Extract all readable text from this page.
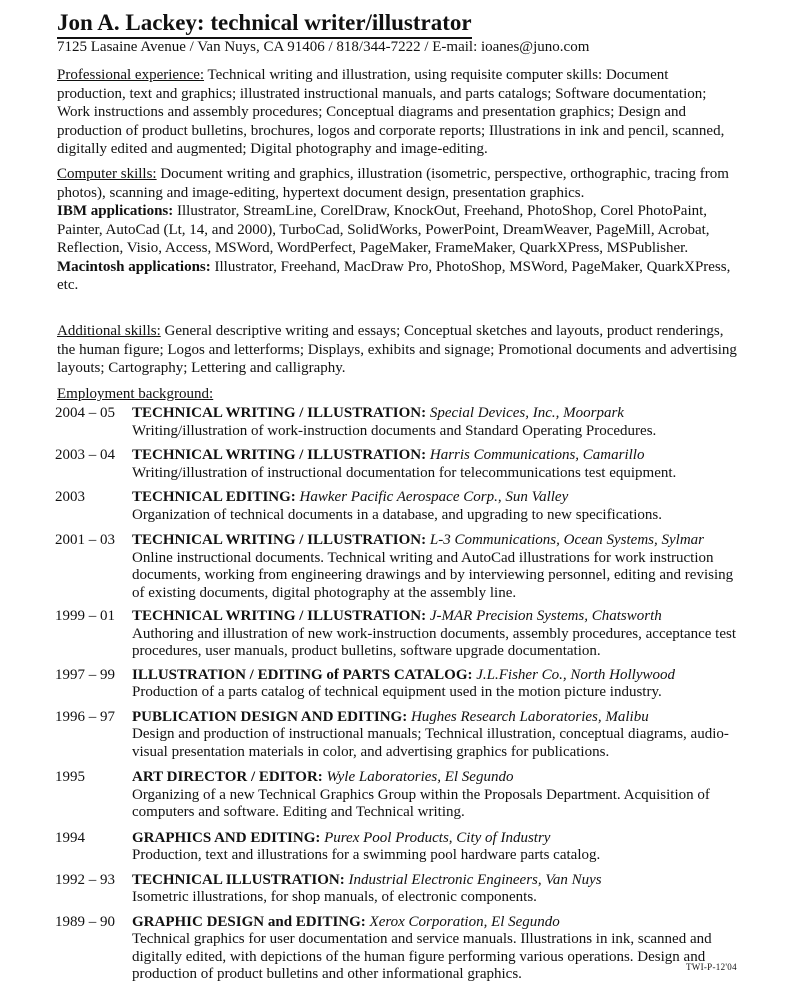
Jon A. Lackey: technical writer/illustrator
7125 Lasaine Avenue / Van Nuys, CA 91406 / 818/344-7222 / E-mail: ioanes@juno.com

Professional experience: Technical writing and illustration, using requisite computer skills: Document production, text and graphics; illustrated instructional manuals, and parts catalogs; Software documentation; Work instructions and assembly procedures; Conceptual diagrams and presentation graphics; Design and production of product bulletins, brochures, logos and corporate reports; Illustrations in ink and pencil, scanned, digitally edited and augmented; Digital photography and image-editing.

Computer skills: Document writing and graphics, illustration (isometric, perspective, orthographic, tracing from photos), scanning and image-editing, hypertext document design, presentation graphics.

IBM applications: Illustrator, StreamLine, CorelDraw, KnockOut, Freehand, PhotoShop, Corel PhotoPaint, Painter, AutoCad (Lt, 14, and 2000), TurboCad, SolidWorks, PowerPoint, DreamWeaver, PageMill, Acrobat, Reflection, Visio, Access, MSWord, WordPerfect, PageMaker, FrameMaker, QuarkXPress, MSPublisher.

Macintosh applications: Illustrator, Freehand, MacDraw Pro, PhotoShop, MSWord, PageMaker, QuarkXPress, etc.

Additional skills: General descriptive writing and essays; Conceptual sketches and layouts, product renderings, the human figure; Logos and letterforms; Displays, exhibits and signage; Promotional documents and advertising layouts; Cartography; Lettering and calligraphy.

Employment background:
2004 – 05	TECHNICAL WRITING / ILLUSTRATION: Special Devices, Inc., Moorpark
Writing/illustration of work-instruction documents and Standard Operating Procedures.
2003 – 04	TECHNICAL WRITING / ILLUSTRATION: Harris Communications, Camarillo
Writing/illustration of instructional documentation for telecommunications test equipment.
2003	TECHNICAL EDITING: Hawker Pacific Aerospace Corp., Sun Valley
Organization of technical documents in a database, and upgrading to new specifications.
2001 – 03	TECHNICAL WRITING / ILLUSTRATION: L-3 Communications, Ocean Systems, Sylmar
Online instructional documents. Technical writing and AutoCad illustrations for work instruction documents, working from engineering drawings and by interviewing personnel, editing and revising of existing documents, digital photography at the assembly line.
1999 – 01	TECHNICAL WRITING / ILLUSTRATION: J-MAR Precision Systems, Chatsworth
Authoring and illustration of new work-instruction documents, assembly procedures, acceptance test procedures, user manuals, product bulletins, software upgrade documentation.
1997 – 99	ILLUSTRATION / EDITING of PARTS CATALOG: J.L.Fisher Co., North Hollywood
Production of a parts catalog of technical equipment used in the motion picture industry.
1996 – 97	PUBLICATION DESIGN AND EDITING: Hughes Research Laboratories, Malibu
Design and production of instructional manuals; Technical illustration, conceptual diagrams, audio-visual presentation materials in color, and advertising graphics for publications.
1995	ART DIRECTOR / EDITOR: Wyle Laboratories, El Segundo
Organizing of a new Technical Graphics Group within the Proposals Department. Acquisition of computers and software. Editing and Technical writing.
1994	GRAPHICS AND EDITING: Purex Pool Products, City of Industry
Production, text and illustrations for a swimming pool hardware parts catalog.
1992 – 93	TECHNICAL ILLUSTRATION: Industrial Electronic Engineers, Van Nuys
Isometric illustrations, for shop manuals, of electronic components.
1989 – 90	GRAPHIC DESIGN and EDITING: Xerox Corporation, El Segundo
Technical graphics for user documentation and service manuals. Illustrations in ink, scanned and digitally edited, with depictions of the human figure performing various operations. Design and production of product bulletins and other informational graphics.	TWI-P-12'04
